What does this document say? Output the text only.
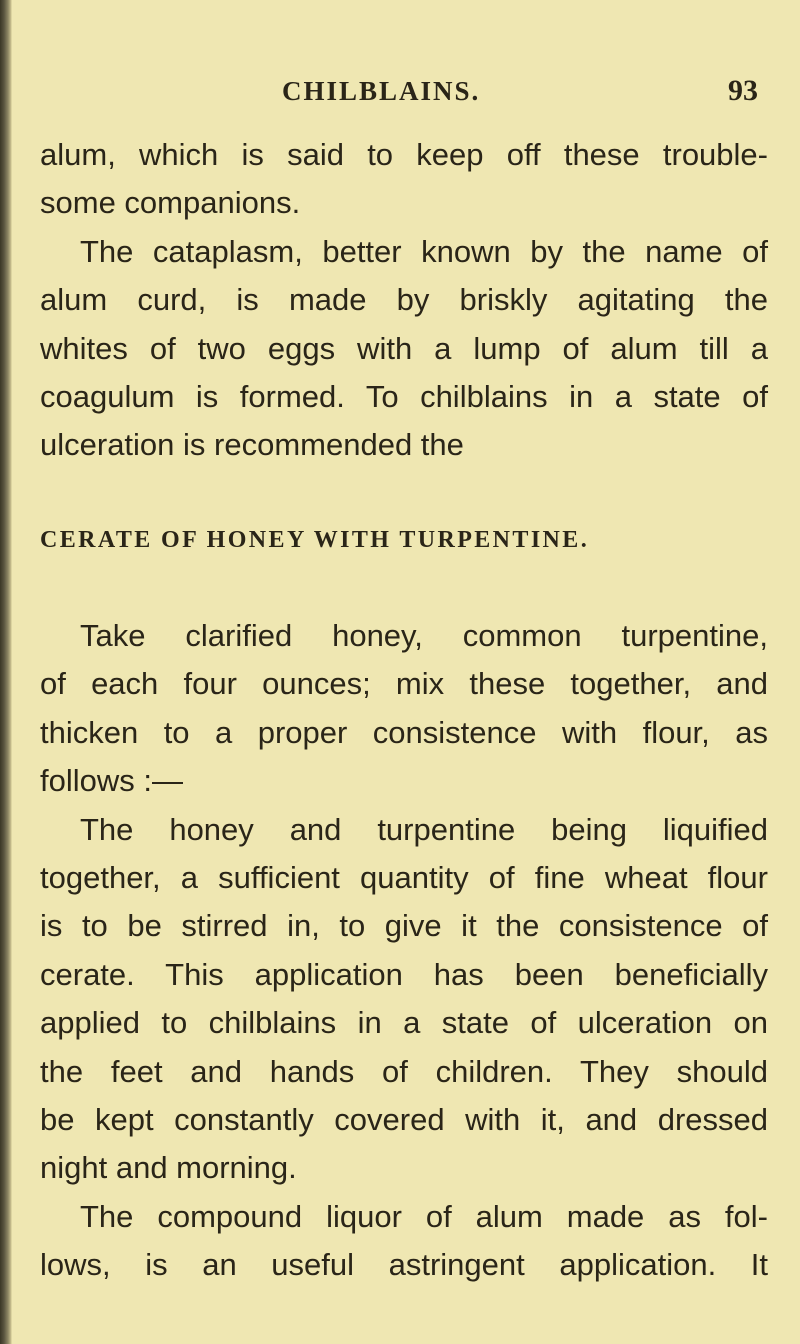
CHILBLAINS.	93
alum, which is said to keep off these trouble-
some companions.
The cataplasm, better known by the name of
alum curd, is made by briskly agitating the
whites of two eggs with a lump of alum till a
coagulum is formed. To chilblains in a state of
ulceration is recommended the
CERATE OF HONEY WITH TURPENTINE.
Take clarified honey, common turpentine,
of each four ounces; mix these together, and
thicken to a proper consistence with flour, as
follows :—
The honey and turpentine being liquified
together, a sufficient quantity of fine wheat flour
is to be stirred in, to give it the consistence of
cerate. This application has been beneficially
applied to chilblains in a state of ulceration on
the feet and hands of children. They should
be kept constantly covered with it, and dressed
night and morning.
The compound liquor of alum made as fol-
lows, is an useful astringent application. It
